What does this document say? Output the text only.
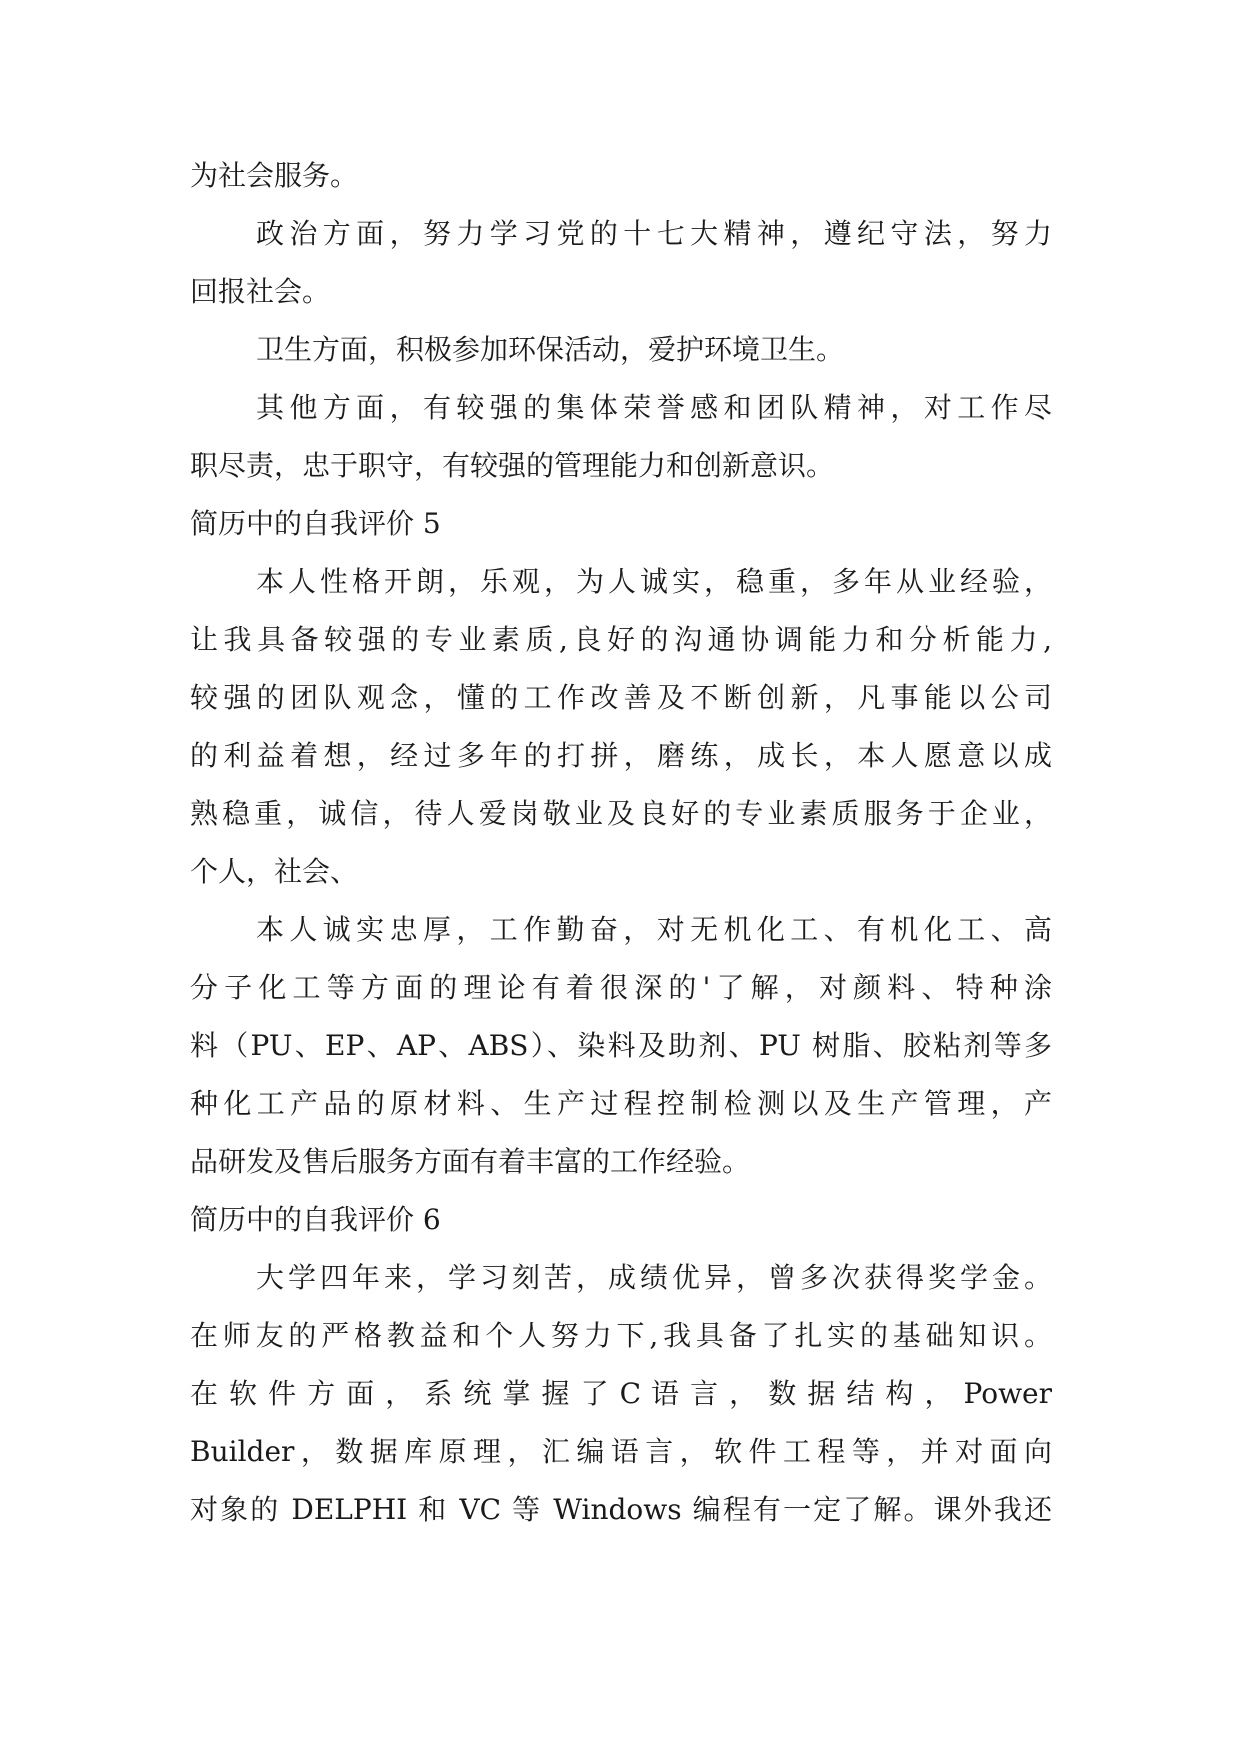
为社会服务。
政治方面，努力学习党的十七大精神，遵纪守法，努力
回报社会。
卫生方面，积极参加环保活动，爱护环境卫生。
其他方面，有较强的集体荣誉感和团队精神，对工作尽
职尽责，忠于职守，有较强的管理能力和创新意识。
简历中的自我评价 5
本人性格开朗，乐观，为人诚实，稳重，多年从业经验，
让我具备较强的专业素质,良好的沟通协调能力和分析能力,
较强的团队观念，懂的工作改善及不断创新，凡事能以公司
的利益着想，经过多年的打拼，磨练，成长，本人愿意以成
熟稳重，诚信，待人爱岗敬业及良好的专业素质服务于企业，
个人，社会、
本人诚实忠厚，工作勤奋，对无机化工、有机化工、高
分子化工等方面的理论有着很深的'了解，对颜料、特种涂
料（PU、EP、AP、ABS）、染料及助剂、PU 树脂、胶粘剂等多
种化工产品的原材料、生产过程控制检测以及生产管理，产
品研发及售后服务方面有着丰富的工作经验。
简历中的自我评价 6
大学四年来，学习刻苦，成绩优异，曾多次获得奖学金。
在师友的严格教益和个人努力下,我具备了扎实的基础知识。
在 软 件 方 面 ， 系 统 掌 握 了 C 语 言 ， 数 据 结 构 ， Power
Builder，数据库原理，汇编语言，软件工程等，并对面向
对象的 DELPHI 和 VC 等 Windows 编程有一定了解。课外我还
